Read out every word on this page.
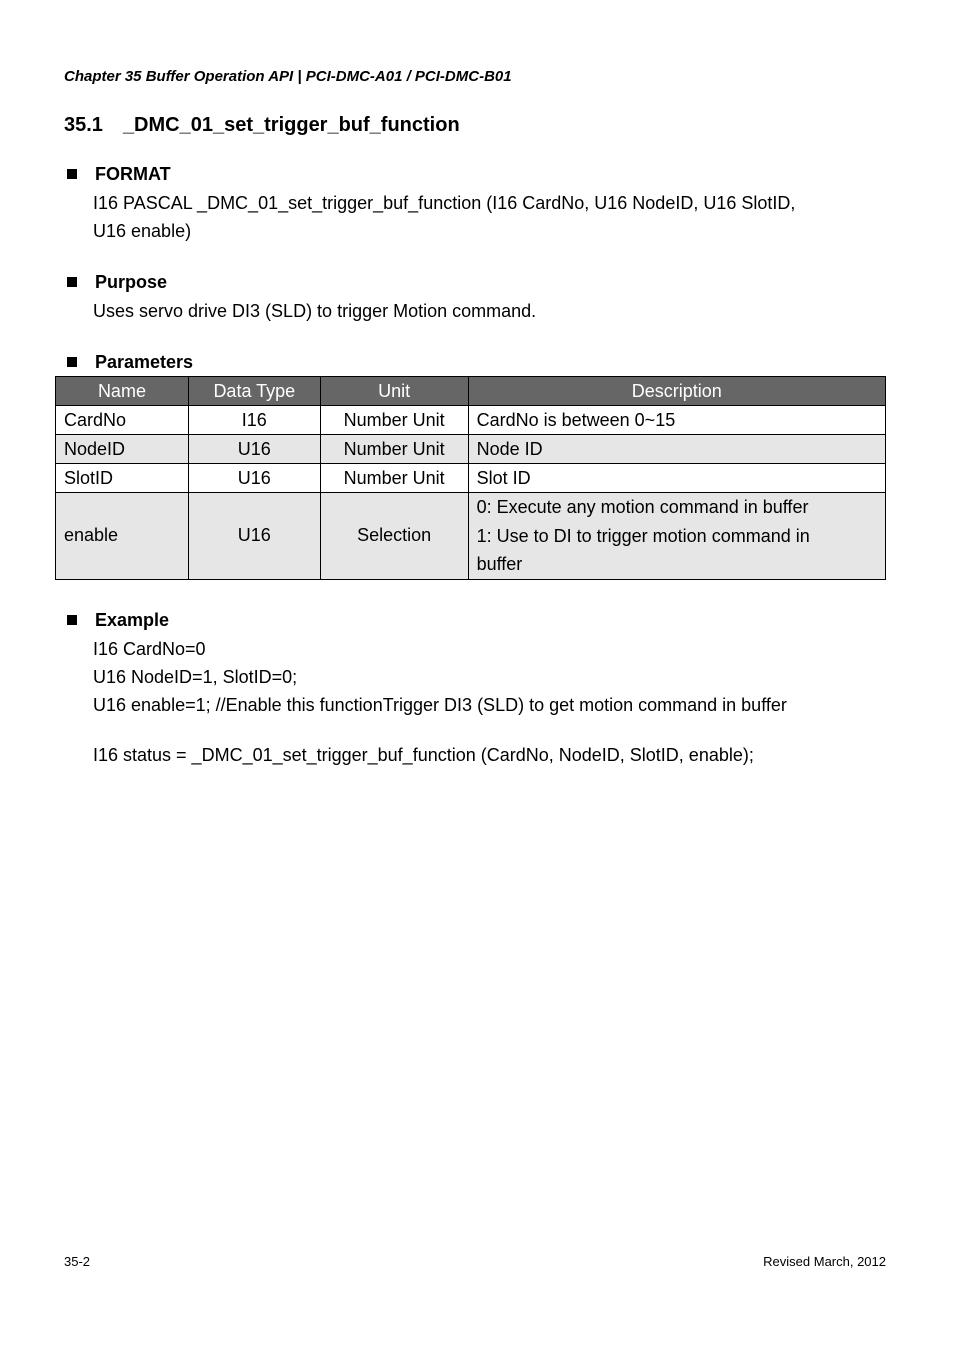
Chapter 35 Buffer Operation API | PCI-DMC-A01 / PCI-DMC-B01
35.1 _DMC_01_set_trigger_buf_function
FORMAT
I16 PASCAL _DMC_01_set_trigger_buf_function (I16 CardNo, U16 NodeID, U16 SlotID,
U16 enable)
Purpose
Uses servo drive DI3 (SLD) to trigger Motion command.
Parameters
Name	Data Type	Unit	Description
CardNo	I16	Number Unit	CardNo is between 0~15
NodeID	U16	Number Unit	Node ID
SlotID	U16	Number Unit	Slot ID
enable	U16	Selection	0: Execute any motion command in buffer
1: Use to DI to trigger motion command in
buffer
Example
I16 CardNo=0
U16 NodeID=1, SlotID=0;
U16 enable=1; //Enable this functionTrigger DI3 (SLD) to get motion command in buffer
I16 status = _DMC_01_set_trigger_buf_function (CardNo, NodeID, SlotID, enable);
35-2	Revised March, 2012
